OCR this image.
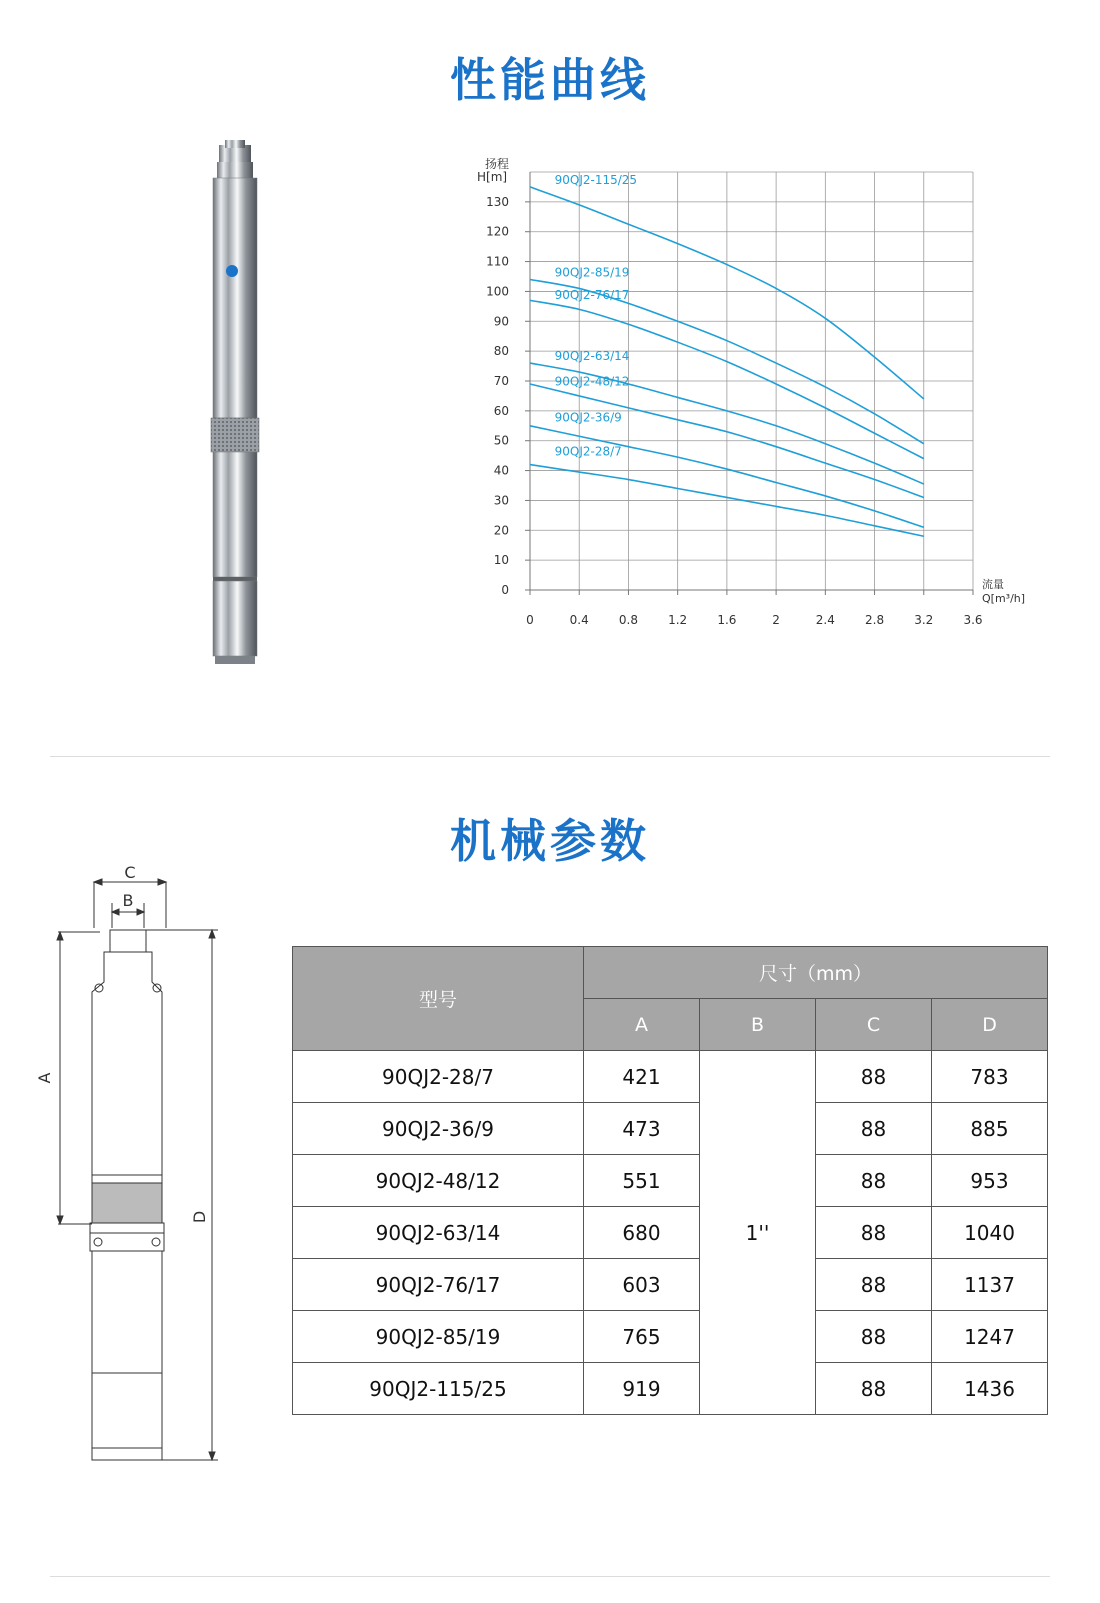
性能曲线
0
10
20
30
40
50
60
70
80
90
100
110
120
130
0	0.4	0.8	1.2	1.6	2	2.4	2.8	3.2	3.6
90QJ2-115/25
90QJ2-85/19
90QJ2-76/17
90QJ2-63/14
90QJ2-48/12
90QJ2-36/9
90QJ2-28/7
扬程
H[m]
流量
Q[m³/h]
机械参数
C
B
A
D
型号	尺寸（mm）			
	A	B	C	D
90QJ2-28/7	421	1''	88	783
90QJ2-36/9	473		88	885
90QJ2-48/12	551		88	953
90QJ2-63/14	680		88	1040
90QJ2-76/17	603		88	1137
90QJ2-85/19	765		88	1247
90QJ2-115/25	919		88	1436
